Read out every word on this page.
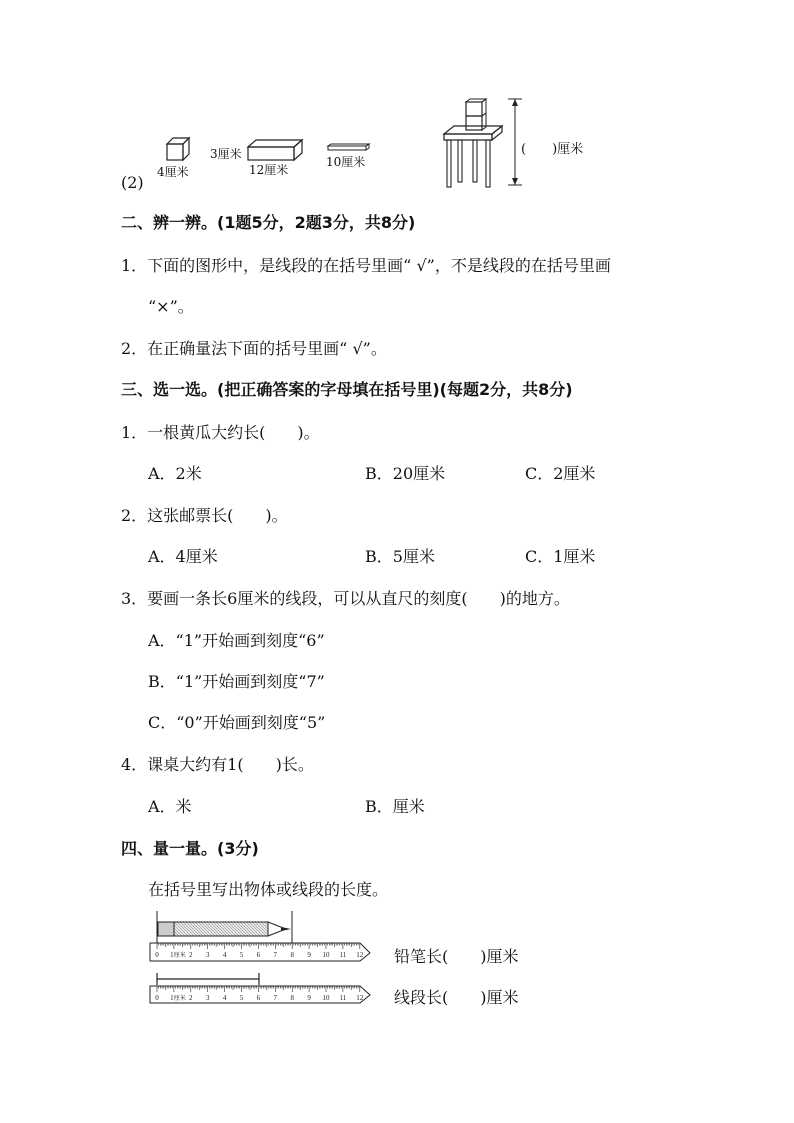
4厘米
3厘米
12厘米
10厘米
(2)
(　　)厘米
二、辨一辨。(1题5分，2题3分，共8分)
1．下面的图形中，是线段的在括号里画“ √”，不是线段的在括号里画
“×”。
2．在正确量法下面的括号里画“ √”。
三、选一选。(把正确答案的字母填在括号里)(每题2分，共8分)
1．一根黄瓜大约长(　　)。
A．2米	B．20厘米	C．2厘米
2．这张邮票长(　　)。
A．4厘米	B．5厘米	C．1厘米
3．要画一条长6厘米的线段，可以从直尺的刻度(　　)的地方。
A．“1”开始画到刻度“6”
B．“1”开始画到刻度“7”
C．“0”开始画到刻度“5”
4．课桌大约有1(　　)长。
A．米	B．厘米
四、量一量。(3分)
在括号里写出物体或线段的长度。
0 1 厘米 2 3 4 5 6 7 8 9 10 11 12 铅笔长(　　)厘米
0 1 厘米 2 3 4 5 6 7 8 9 10 11 12 线段长(　　)厘米
